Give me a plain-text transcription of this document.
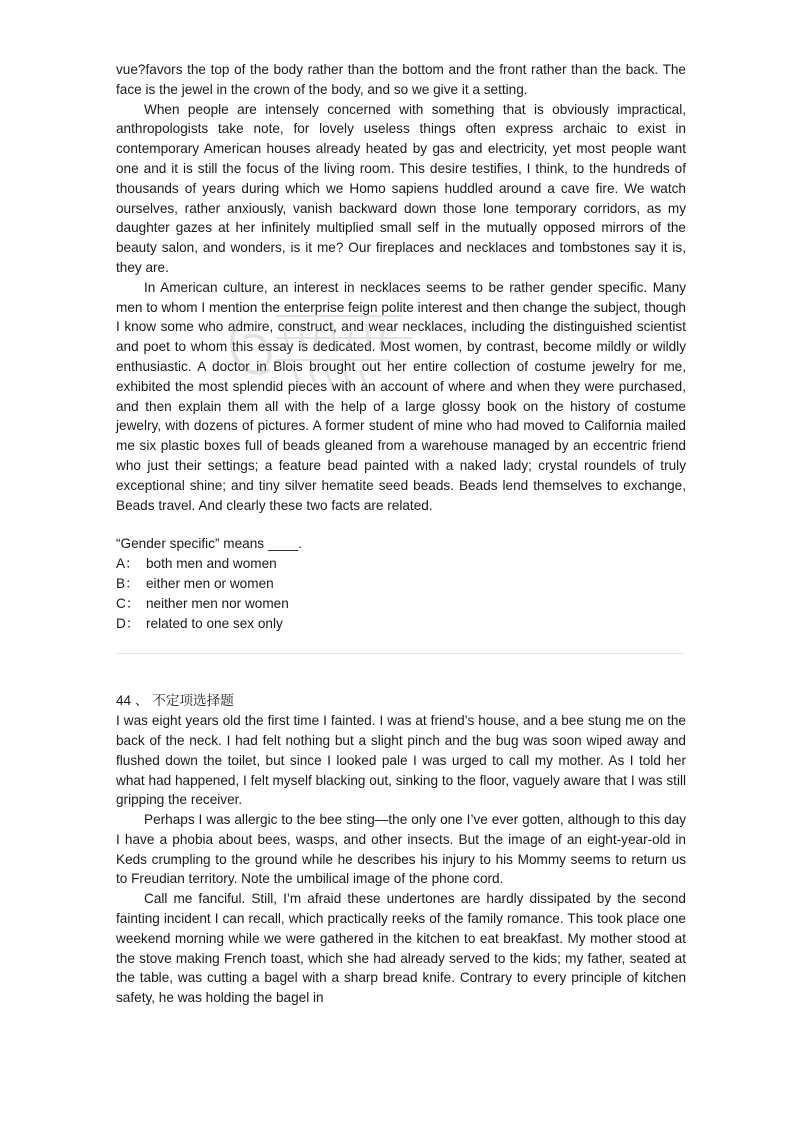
vue?favors the top of the body rather than the bottom and the front rather than the back. The face is the jewel in the crown of the body, and so we give it a setting.

When people are intensely concerned with something that is obviously impractical, anthropologists take note, for lovely useless things often express archaic to exist in contemporary American houses already heated by gas and electricity, yet most people want one and it is still the focus of the living room. This desire testifies, I think, to the hundreds of thousands of years during which we Homo sapiens huddled around a cave fire. We watch ourselves, rather anxiously, vanish backward down those lone temporary corridors, as my daughter gazes at her infinitely multiplied small self in the mutually opposed mirrors of the beauty salon, and wonders, is it me? Our fireplaces and necklaces and tombstones say it is, they are.

In American culture, an interest in necklaces seems to be rather gender specific. Many men to whom I mention the enterprise feign polite interest and then change the subject, though I know some who admire, construct, and wear necklaces, including the distinguished scientist and poet to whom this essay is dedicated. Most women, by contrast, become mildly or wildly enthusiastic. A doctor in Blois brought out her entire collection of costume jewelry for me, exhibited the most splendid pieces with an account of where and when they were purchased, and then explain them all with the help of a large glossy book on the history of costume jewelry, with dozens of pictures. A former student of mine who had moved to California mailed me six plastic boxes full of beads gleaned from a warehouse managed by an eccentric friend who just their settings; a feature bead painted with a naked lady; crystal roundels of truly exceptional shine; and tiny silver hematite seed beads. Beads lend themselves to exchange, Beads travel. And clearly these two facts are related.

“Gender specific” means ____.
A： both men and women
B： either men or women
C： neither men nor women
D： related to one sex only
44 、 不定项选择题

I was eight years old the first time I fainted. I was at friend’s house, and a bee stung me on the back of the neck. I had felt nothing but a slight pinch and the bug was soon wiped away and flushed down the toilet, but since I looked pale I was urged to call my mother. As I told her what had happened, I felt myself blacking out, sinking to the floor, vaguely aware that I was still gripping the receiver.

Perhaps I was allergic to the bee sting—the only one I’ve ever gotten, although to this day I have a phobia about bees, wasps, and other insects. But the image of an eight-year-old in Keds crumpling to the ground while he describes his injury to his Mommy seems to return us to Freudian territory. Note the umbilical image of the phone cord.

Call me fanciful. Still, I’m afraid these undertones are hardly dissipated by the second fainting incident I can recall, which practically reeks of the family romance. This took place one weekend morning while we were gathered in the kitchen to eat breakfast. My mother stood at the stove making French toast, which she had already served to the kids; my father, seated at the table, was cutting a bagel with a sharp bread knife. Contrary to every principle of kitchen safety, he was holding the bagel in
